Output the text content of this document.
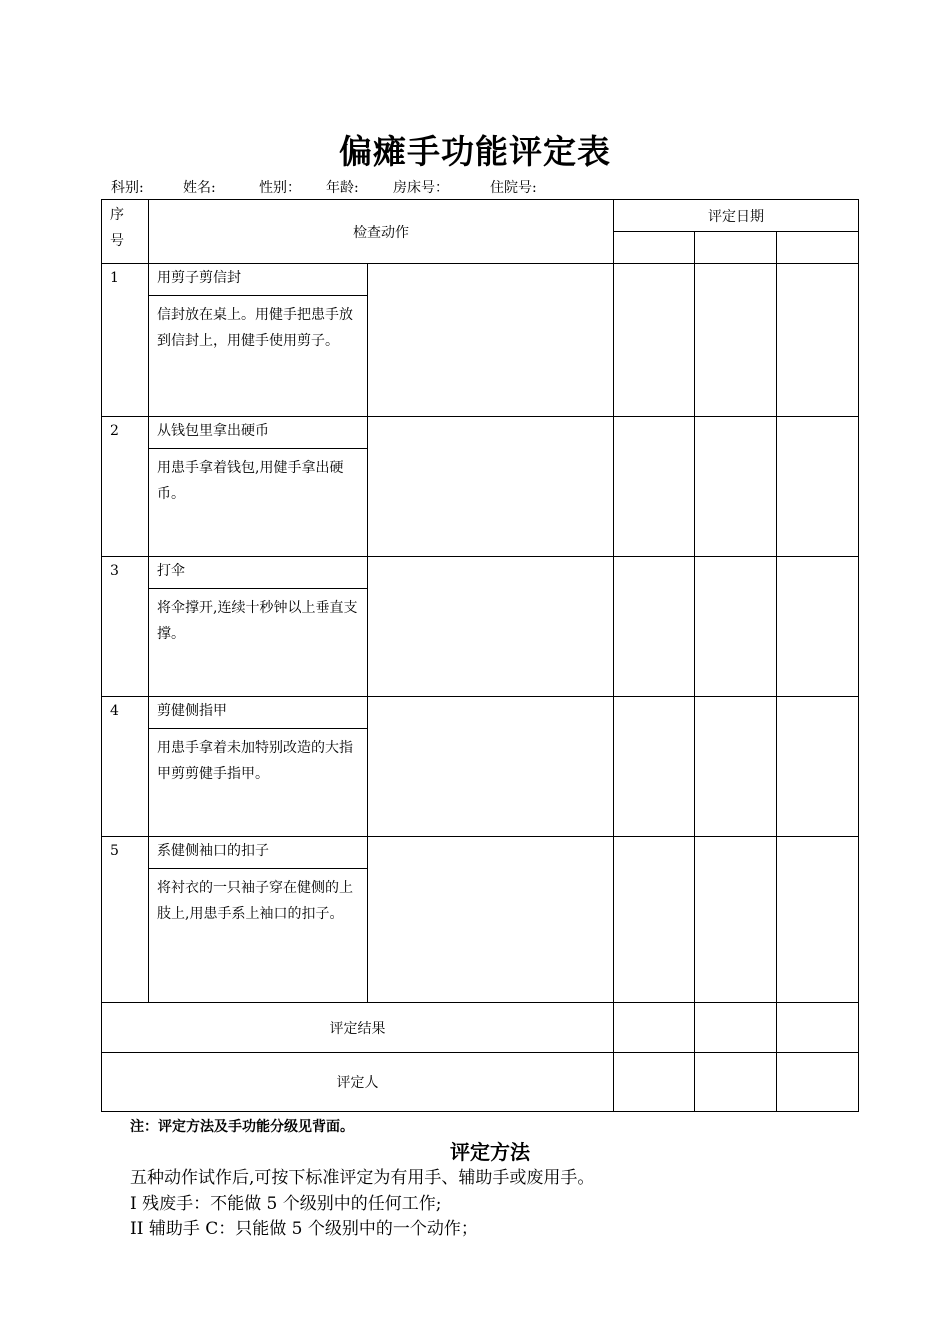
偏瘫手功能评定表
科别:	姓名:	性别： 年龄: 房床号：	住院号:
序号	检查动作		评定日期		

1	用剪子剪信封
信封放在桌上。用健手把患手放到信封上，用健手使用剪子。				

2	从钱包里拿出硬币
用患手拿着钱包,用健手拿出硬币。				

3	打伞
将伞撑开,连续十秒钟以上垂直支撑。				

4	剪健侧指甲
用患手拿着未加特别改造的大指甲剪剪健手指甲。				

5	系健侧袖口的扣子
将衬衣的一只袖子穿在健侧的上肢上,用患手系上袖口的扣子。				

评定结果					
评定人					
注：评定方法及手功能分级见背面。
评定方法
五种动作试作后,可按下标准评定为有用手、辅助手或废用手。
I 残废手：不能做 5 个级别中的任何工作;
II 辅助手 C：只能做 5 个级别中的一个动作；
